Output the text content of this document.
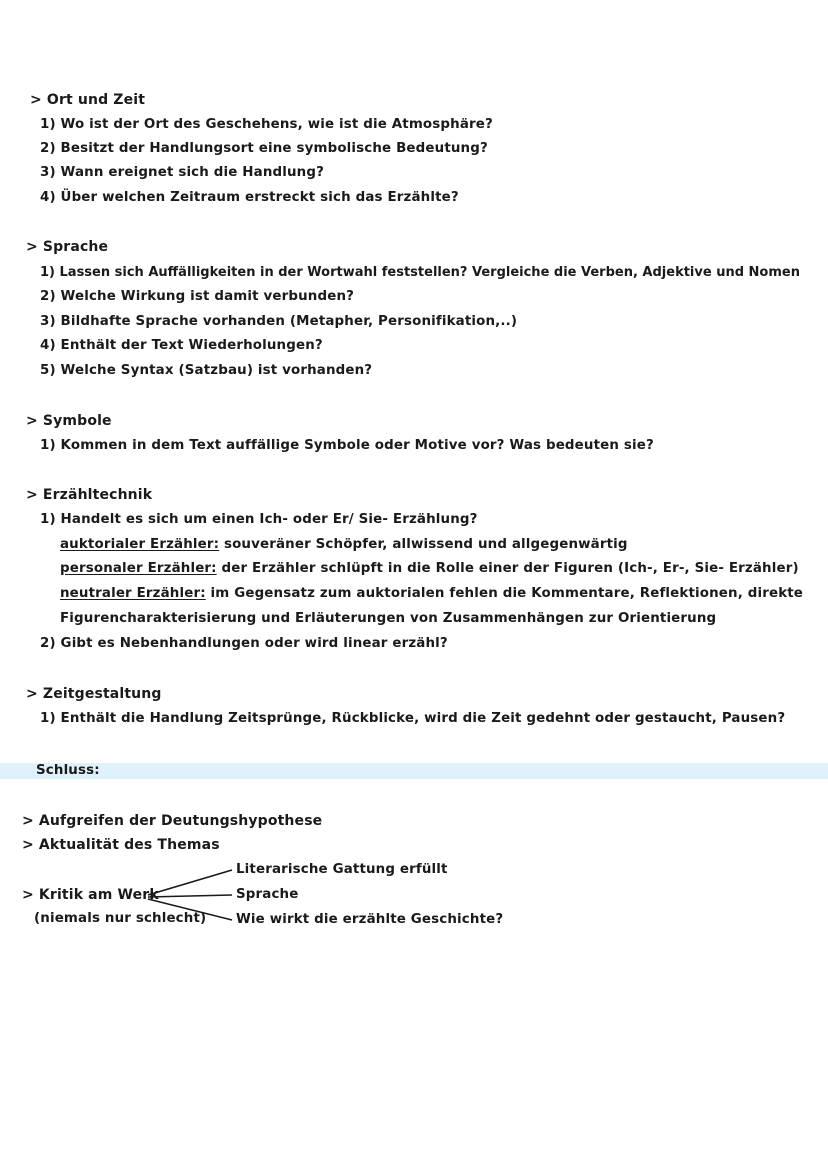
> Ort und Zeit
1) Wo ist der Ort des Geschehens, wie ist die Atmosphäre?
2) Besitzt der Handlungsort eine symbolische Bedeutung?
3) Wann ereignet sich die Handlung?
4) Über welchen Zeitraum erstreckt sich das Erzählte?
> Sprache
1) Lassen sich Auffälligkeiten in der Wortwahl feststellen? Vergleiche die Verben, Adjektive und Nomen
2) Welche Wirkung ist damit verbunden?
3) Bildhafte Sprache vorhanden (Metapher, Personifikation,..)
4) Enthält der Text Wiederholungen?
5) Welche Syntax (Satzbau) ist vorhanden?
> Symbole
1) Kommen in dem Text auffällige Symbole oder Motive vor? Was bedeuten sie?
> Erzähltechnik
1) Handelt es sich um einen Ich- oder Er/ Sie- Erzählung?
auktorialer Erzähler: souveräner Schöpfer, allwissend und allgegenwärtig
personaler Erzähler: der Erzähler schlüpft in die Rolle einer der Figuren (Ich-, Er-, Sie- Erzähler)
neutraler Erzähler: im Gegensatz zum auktorialen fehlen die Kommentare, Reflektionen, direkte
Figurencharakterisierung und Erläuterungen von Zusammenhängen zur Orientierung
2) Gibt es Nebenhandlungen oder wird linear erzähl?
> Zeitgestaltung
1) Enthält die Handlung Zeitsprünge, Rückblicke, wird die Zeit gedehnt oder gestaucht, Pausen?
Schluss:
> Aufgreifen der Deutungshypothese
> Aktualität des Themas
> Kritik am Werk
(niemals nur schlecht)
Literarische Gattung erfüllt
Sprache
Wie wirkt die erzählte Geschichte?
